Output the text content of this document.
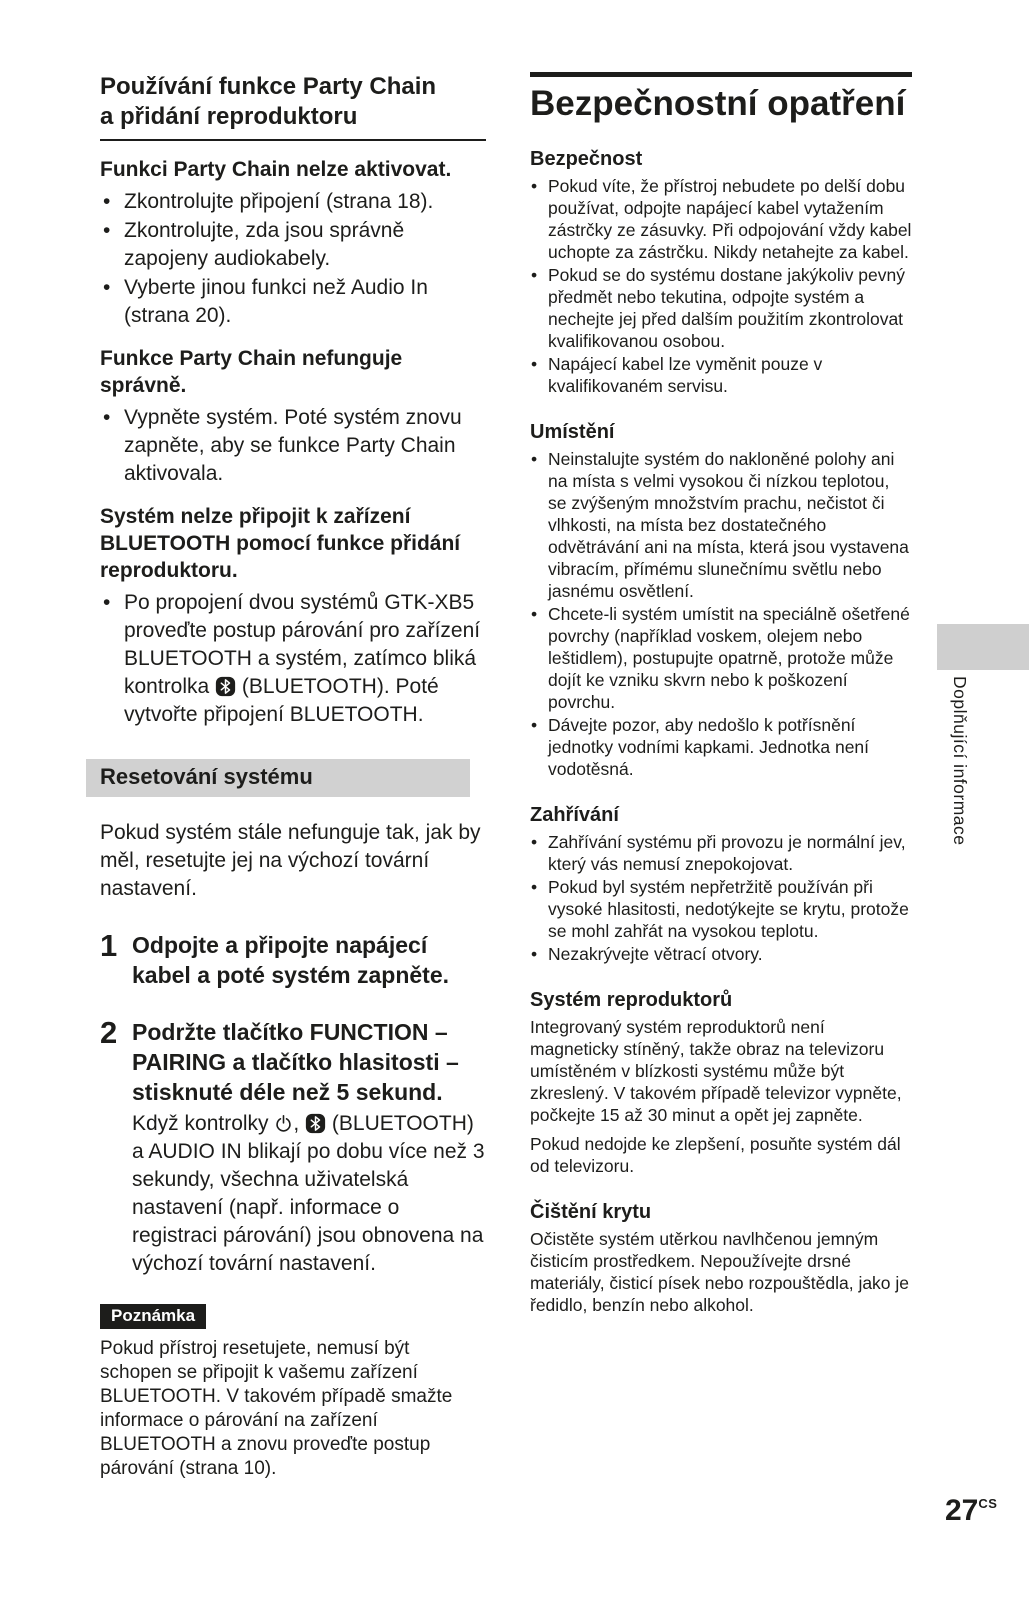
Používání funkce Party Chain
a přidání reproduktoru
Funkci Party Chain nelze aktivovat.
• Zkontrolujte připojení (strana 18).
• Zkontrolujte, zda jsou správně zapojeny audiokabely.
• Vyberte jinou funkci než Audio In (strana 20).
Funkce Party Chain nefunguje
správně.
• Vypněte systém. Poté systém znovu zapněte, aby se funkce Party Chain aktivovala.
Systém nelze připojit k zařízení
BLUETOOTH pomocí funkce přidání
reproduktoru.
• Po propojení dvou systémů GTK-XB5 proveďte postup párování pro zařízení BLUETOOTH a systém, zatímco bliká kontrolka  (BLUETOOTH). Poté vytvořte připojení BLUETOOTH.
Resetování systému

Pokud systém stále nefunguje tak, jak by měl, resetujte jej na výchozí tovární nastavení.

1 Odpojte a připojte napájecí
kabel a poté systém zapněte.
2 Podržte tlačítko FUNCTION –
PAIRING a tlačítko hlasitosti –
stisknuté déle než 5 sekund.

Když kontrolky ,  (BLUETOOTH) a AUDIO IN blikají po dobu více než 3 sekundy, všechna uživatelská nastavení (např. informace o registraci párování) jsou obnovena na výchozí tovární nastavení.

Poznámka

Pokud přístroj resetujete, nemusí být schopen se připojit k vašemu zařízení BLUETOOTH. V takovém případě smažte informace o párování na zařízení BLUETOOTH a znovu proveďte postup párování (strana 10).

Bezpečnostní opatření
Bezpečnost
• Pokud víte, že přístroj nebudete po delší dobu používat, odpojte napájecí kabel vytažením zástrčky ze zásuvky. Při odpojování vždy kabel uchopte za zástrčku. Nikdy netahejte za kabel.
• Pokud se do systému dostane jakýkoliv pevný předmět nebo tekutina, odpojte systém a nechejte jej před dalším použitím zkontrolovat kvalifikovanou osobou.
• Napájecí kabel lze vyměnit pouze v kvalifikovaném servisu.
Umístění
• Neinstalujte systém do nakloněné polohy ani na místa s velmi vysokou či nízkou teplotou, se zvýšeným množstvím prachu, nečistot či vlhkosti, na místa bez dostatečného odvětrávání ani na místa, která jsou vystavena vibracím, přímému slunečnímu světlu nebo jasnému osvětlení.
• Chcete-li systém umístit na speciálně ošetřené povrchy (například voskem, olejem nebo leštidlem), postupujte opatrně, protože může dojít ke vzniku skvrn nebo k poškození povrchu.
• Dávejte pozor, aby nedošlo k potřísnění jednotky vodními kapkami. Jednotka není vodotěsná.
Zahřívání
• Zahřívání systému při provozu je normální jev, který vás nemusí znepokojovat.
• Pokud byl systém nepřetržitě používán při vysoké hlasitosti, nedotýkejte se krytu, protože se mohl zahřát na vysokou teplotu.
• Nezakrývejte větrací otvory.
Systém reproduktorů

Integrovaný systém reproduktorů není magneticky stíněný, takže obraz na televizoru umístěném v blízkosti systému může být zkreslený. V takovém případě televizor vypněte, počkejte 15 až 30 minut a opět jej zapněte.

Pokud nedojde ke zlepšení, posuňte systém dál od televizoru.

Čištění krytu

Očistěte systém utěrkou navlhčenou jemným čisticím prostředkem. Nepoužívejte drsné materiály, čisticí písek nebo rozpouštědla, jako je ředidlo, benzín nebo alkohol.

Doplňující informace
$27^{CS}$
